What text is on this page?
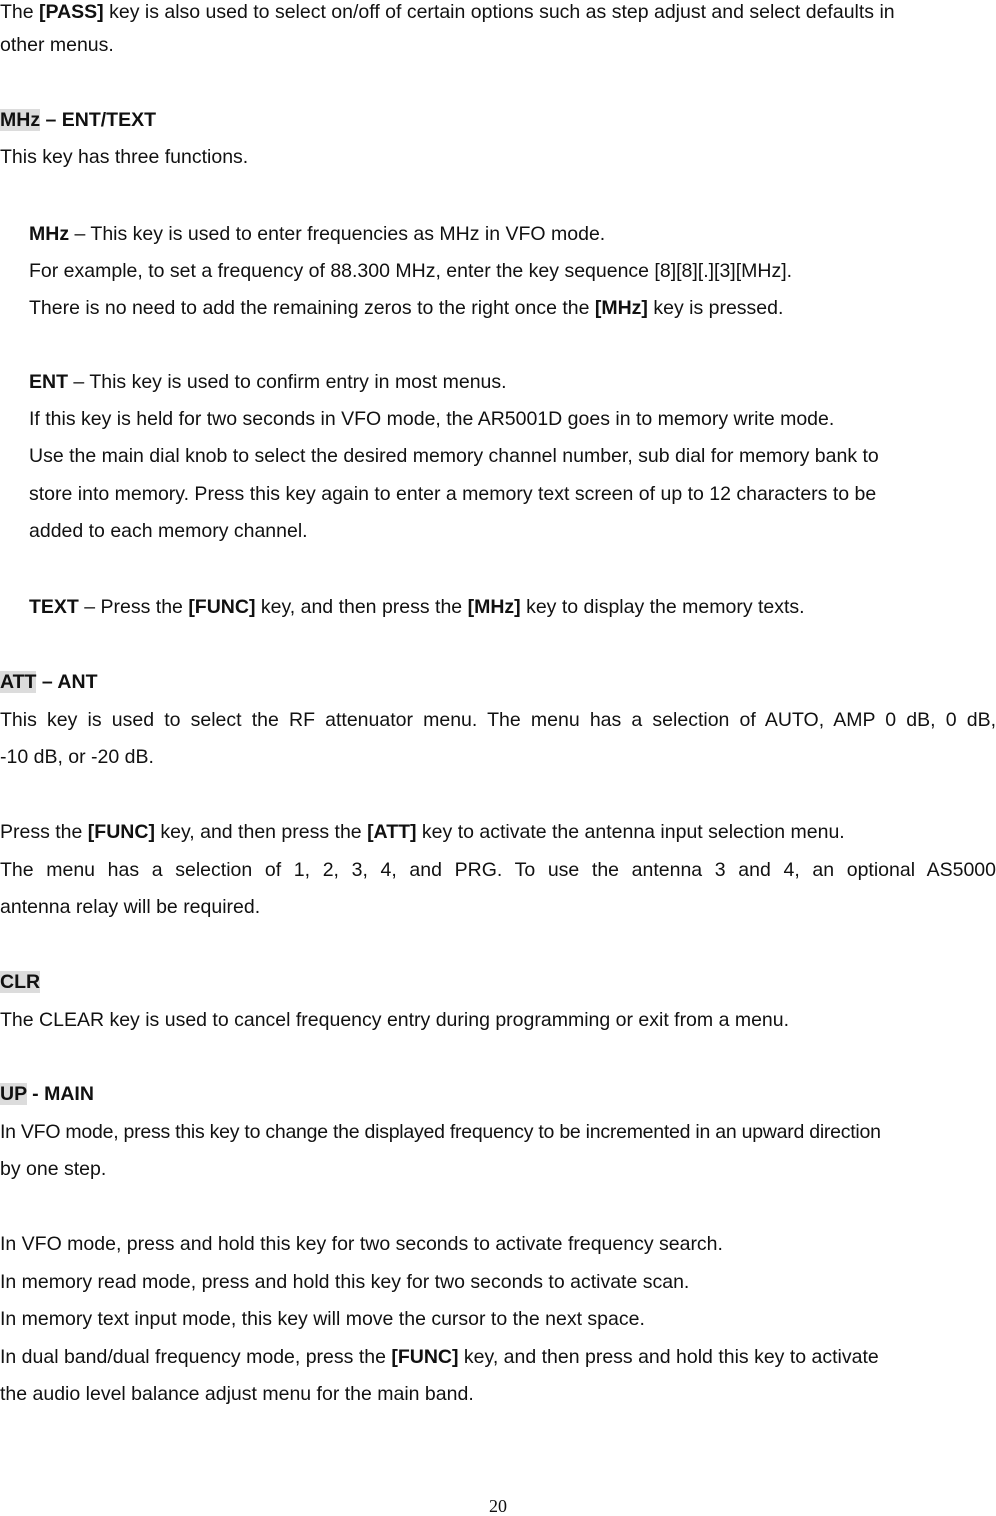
The [PASS] key is also used to select on/off of certain options such as step adjust and select defaults in
other menus.
MHz – ENT/TEXT
This key has three functions.
MHz – This key is used to enter frequencies as MHz in VFO mode.
For example, to set a frequency of 88.300 MHz, enter the key sequence [8][8][.][3][MHz].
There is no need to add the remaining zeros to the right once the [MHz] key is pressed.
ENT – This key is used to confirm entry in most menus.
If this key is held for two seconds in VFO mode, the AR5001D goes in to memory write mode.
Use the main dial knob to select the desired memory channel number, sub dial for memory bank to
store into memory. Press this key again to enter a memory text screen of up to 12 characters to be
added to each memory channel.
TEXT – Press the [FUNC] key, and then press the [MHz] key to display the memory texts.
ATT – ANT
This key is used to select the RF attenuator menu. The menu has a selection of AUTO, AMP 0 dB, 0 dB,
-10 dB, or -20 dB.
Press the [FUNC] key, and then press the [ATT] key to activate the antenna input selection menu.
The menu has a selection of 1, 2, 3, 4, and PRG. To use the antenna 3 and 4, an optional AS5000
antenna relay will be required.
CLR
The CLEAR key is used to cancel frequency entry during programming or exit from a menu.
UP - MAIN
In VFO mode, press this key to change the displayed frequency to be incremented in an upward direction
by one step.
In VFO mode, press and hold this key for two seconds to activate frequency search.
In memory read mode, press and hold this key for two seconds to activate scan.
In memory text input mode, this key will move the cursor to the next space.
In dual band/dual frequency mode, press the [FUNC] key, and then press and hold this key to activate
the audio level balance adjust menu for the main band.
20
